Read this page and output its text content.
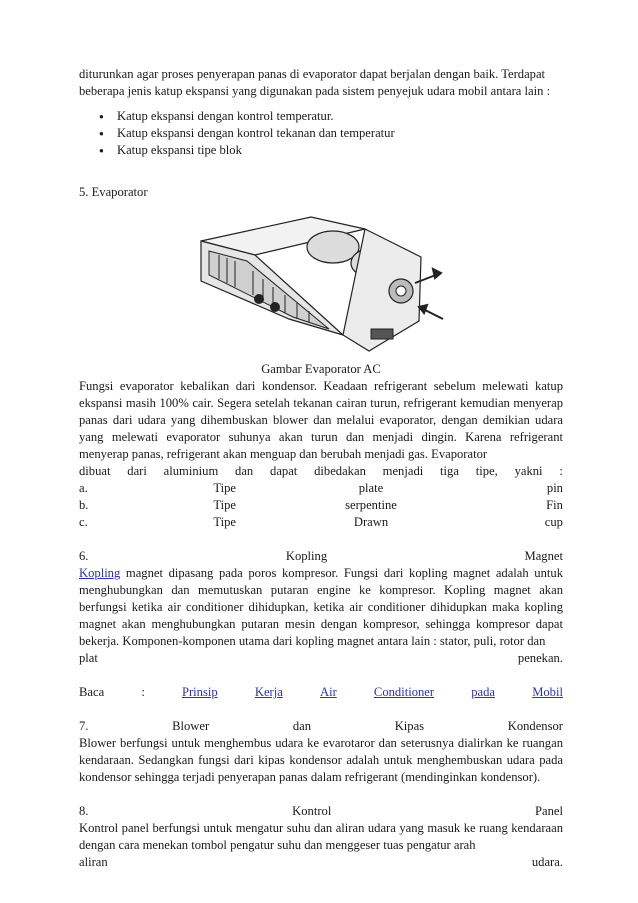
diturunkan agar proses penyerapan panas di evaporator dapat berjalan dengan baik. Terdapat

beberapa jenis katup ekspansi yang digunakan pada sistem penyejuk udara mobil antara lain :

● Katup ekspansi dengan kontrol temperatur.
● Katup ekspansi dengan kontrol tekanan dan temperatur
● Katup ekspansi tipe blok

5. Evaporator

Gambar Evaporator AC

Fungsi evaporator kebalikan dari kondensor. Keadaan refrigerant sebelum melewati katup ekspansi masih 100% cair. Segera setelah tekanan cairan turun, refrigerant kemudian menyerap panas dari udara yang dihembuskan blower dan melalui evaporator, dengan demikian udara yang melewati evaporator suhunya akan turun dan menjadi dingin. Karena refrigerant menyerap panas, refrigerant akan menguap dan berubah menjadi gas. Evaporator

dibuat dari aluminium dan dapat dibedakan menjadi tiga tipe, yakni :
a.	Tipe	plate	pin
b.	Tipe	serpentine	Fin
c.	Tipe	Drawn	cup
6.	Kopling	Magnet

Kopling magnet dipasang pada poros kompresor. Fungsi dari kopling magnet adalah untuk menghubungkan dan memutuskan putaran engine ke kompresor. Kopling magnet akan berfungsi ketika air conditioner dihidupkan, ketika air conditioner dihidupkan maka kopling magnet akan menghubungkan putaran mesin dengan kompresor, sehingga kompresor dapat bekerja. Komponen-komponen utama dari kopling magnet antara lain : stator, puli, rotor dan

plat	penekan.
Baca	:	Prinsip	Kerja	Air	Conditioner	pada	Mobil
7.	Blower	dan	Kipas	Kondensor

Blower berfungsi untuk menghembus udara ke evarotaror dan seterusnya dialirkan ke ruangan kendaraan. Sedangkan fungsi dari kipas kondensor adalah untuk menghembuskan udara pada kondensor sehingga terjadi penyerapan panas dalam refrigerant (mendinginkan kondensor).

8.	Kontrol	Panel

Kontrol panel berfungsi untuk mengatur suhu dan aliran udara yang masuk ke ruang kendaraan dengan cara menekan tombol pengatur suhu dan menggeser tuas pengatur arah

aliran	udara.
